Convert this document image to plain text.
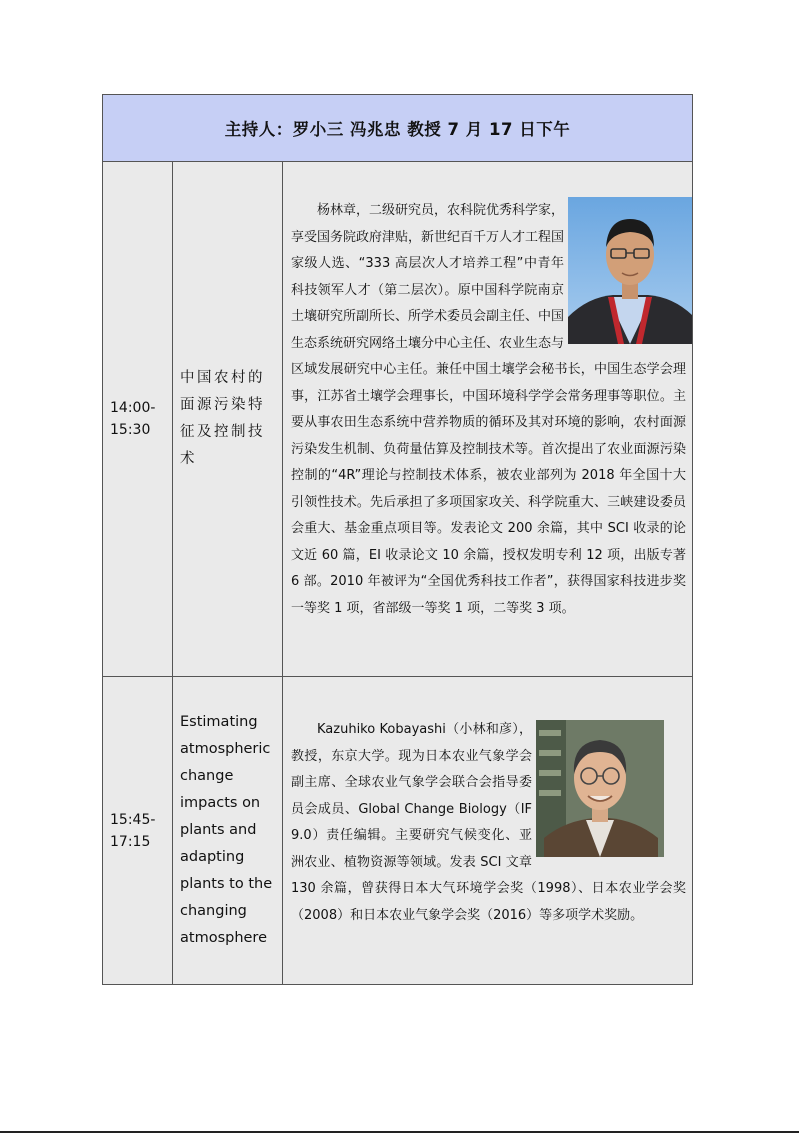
主持人：罗小三 冯兆忠 教授 7 月 17 日下午		
14:00-15:30	中国农村的面源污染特征及控制技术	杨林章，二级研究员，农科院优秀科学家，享受国务院政府津贴，新世纪百千万人才工程国家级人选、“333 高层次人才培养工程”中青年科技领军人才（第二层次）。原中国科学院南京土壤研究所副所长、所学术委员会副主任、中国生态系统研究网络土壤分中心主任、农业生态与区域发展研究中心主任。兼任中国土壤学会秘书长，中国生态学会理事，江苏省土壤学会理事长，中国环境科学学会常务理事等职位。主要从事农田生态系统中营养物质的循环及其对环境的影响，农村面源污染发生机制、负荷量估算及控制技术等。首次提出了农业面源污染控制的“4R”理论与控制技术体系，被农业部列为 2018 年全国十大引领性技术。先后承担了多项国家攻关、科学院重大、三峡建设委员会重大、基金重点项目等。发表论文 200 余篇，其中 SCI 收录的论文近 60 篇，EI 收录论文 10 余篇，授权发明专利 12 项，出版专著 6 部。2010 年被评为“全国优秀科技工作者”，获得国家科技进步奖一等奖 1 项，省部级一等奖 1 项，二等奖 3 项。

15:45-17:15	Estimating atmospheric change impacts on plants and adapting plants to the changing atmosphere	Kazuhiko Kobayashi（小林和彦），教授，东京大学。现为日本农业气象学会副主席、全球农业气象学会联合会指导委员会成员、Global Change Biology（IF 9.0）责任编辑。主要研究气候变化、亚洲农业、植物资源等领域。发表 SCI 文章 130 余篇，曾获得日本大气环境学会奖（1998）、日本农业学会奖（2008）和日本农业气象学会奖（2016）等多项学术奖励。
